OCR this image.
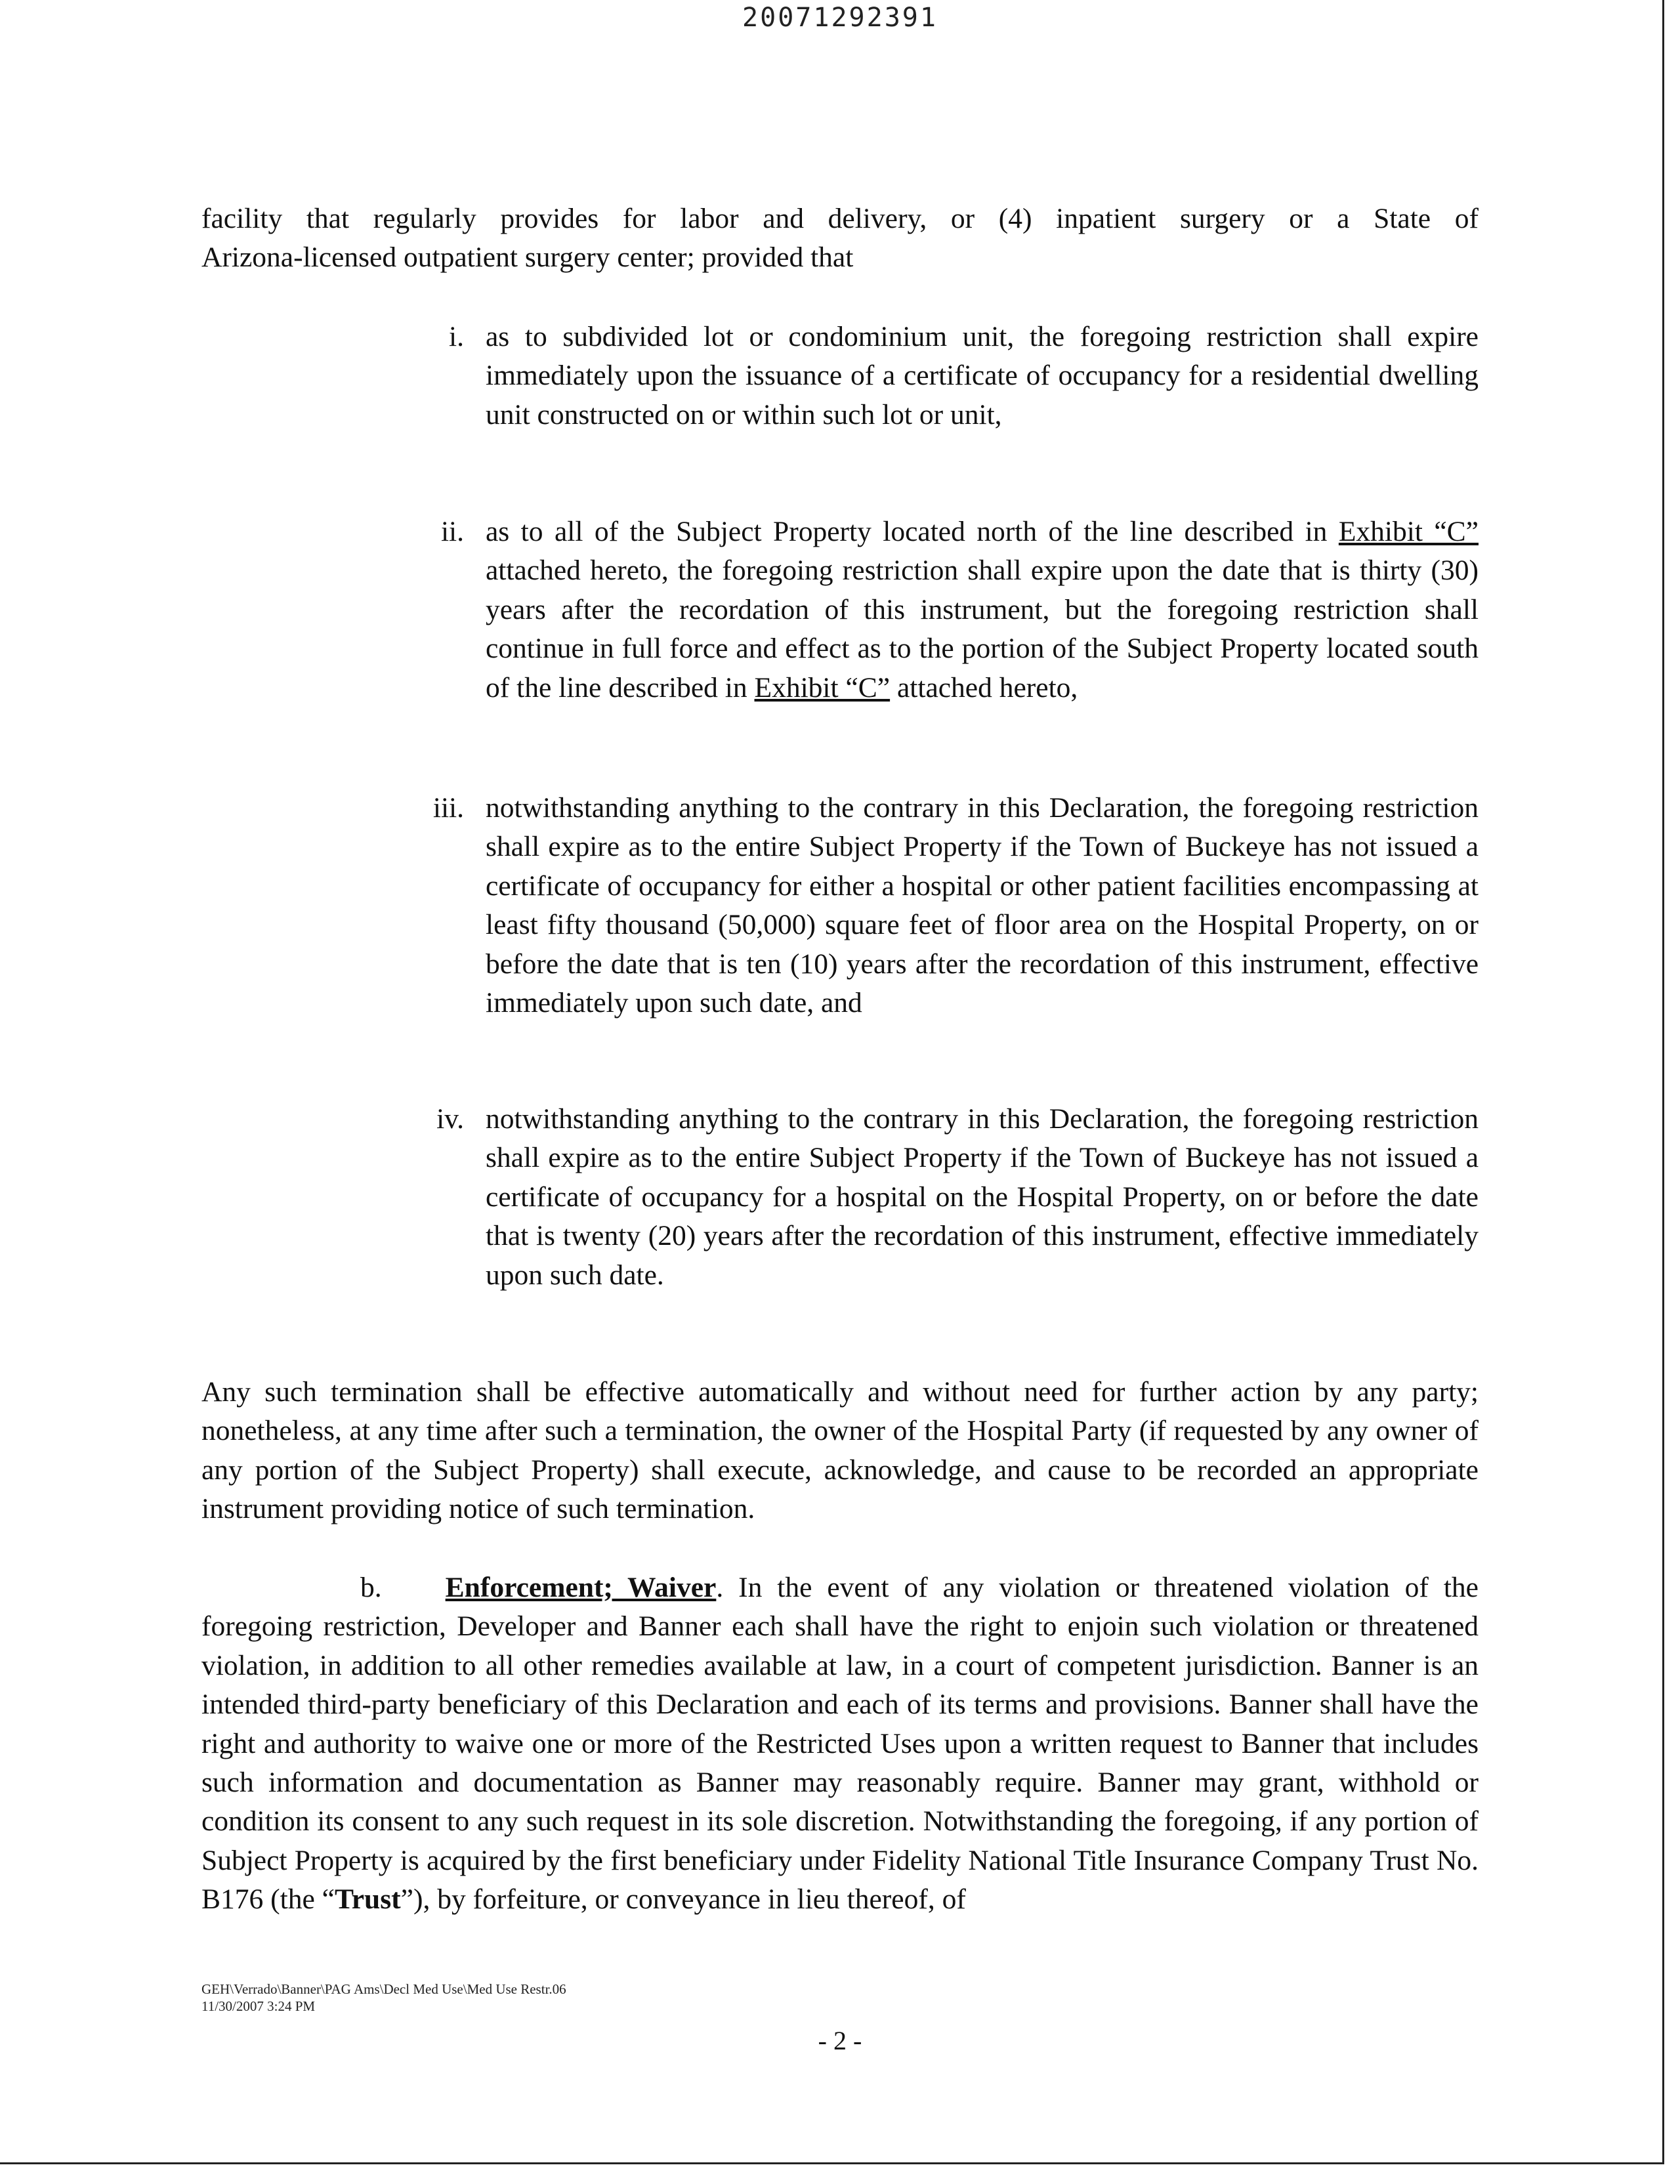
20071292391

facility that regularly provides for labor and delivery, or (4) inpatient surgery or a State of

Arizona-licensed outpatient surgery center; provided that

i. as to subdivided lot or condominium unit, the foregoing restriction shall expire immediately upon the issuance of a certificate of occupancy for a residential dwelling unit constructed on or within such lot or unit,

ii. as to all of the Subject Property located north of the line described in Exhibit “C” attached hereto, the foregoing restriction shall expire upon the date that is thirty (30) years after the recordation of this instrument, but the foregoing restriction shall continue in full force and effect as to the portion of the Subject Property located south of the line described in Exhibit “C” attached hereto,

iii. notwithstanding anything to the contrary in this Declaration, the foregoing restriction shall expire as to the entire Subject Property if the Town of Buckeye has not issued a certificate of occupancy for either a hospital or other patient facilities encompassing at least fifty thousand (50,000) square feet of floor area on the Hospital Property, on or before the date that is ten (10) years after the recordation of this instrument, effective immediately upon such date, and

iv. notwithstanding anything to the contrary in this Declaration, the foregoing restriction shall expire as to the entire Subject Property if the Town of Buckeye has not issued a certificate of occupancy for a hospital on the Hospital Property, on or before the date that is twenty (20) years after the recordation of this instrument, effective immediately upon such date.

Any such termination shall be effective automatically and without need for further action by any party; nonetheless, at any time after such a termination, the owner of the Hospital Party (if requested by any owner of any portion of the Subject Property) shall execute, acknowledge, and cause to be recorded an appropriate instrument providing notice of such termination.

b. Enforcement; Waiver. In the event of any violation or threatened violation of the foregoing restriction, Developer and Banner each shall have the right to enjoin such violation or threatened violation, in addition to all other remedies available at law, in a court of competent jurisdiction. Banner is an intended third-party beneficiary of this Declaration and each of its terms and provisions. Banner shall have the right and authority to waive one or more of the Restricted Uses upon a written request to Banner that includes such information and documentation as Banner may reasonably require. Banner may grant, withhold or condition its consent to any such request in its sole discretion. Notwithstanding the foregoing, if any portion of Subject Property is acquired by the first beneficiary under Fidelity National Title Insurance Company Trust No. B176 (the “Trust”), by forfeiture, or conveyance in lieu thereof, of

GEH\Verrado\Banner\PAG Ams\Decl Med Use\Med Use Restr.06
11/30/2007 3:24 PM
- 2 -
